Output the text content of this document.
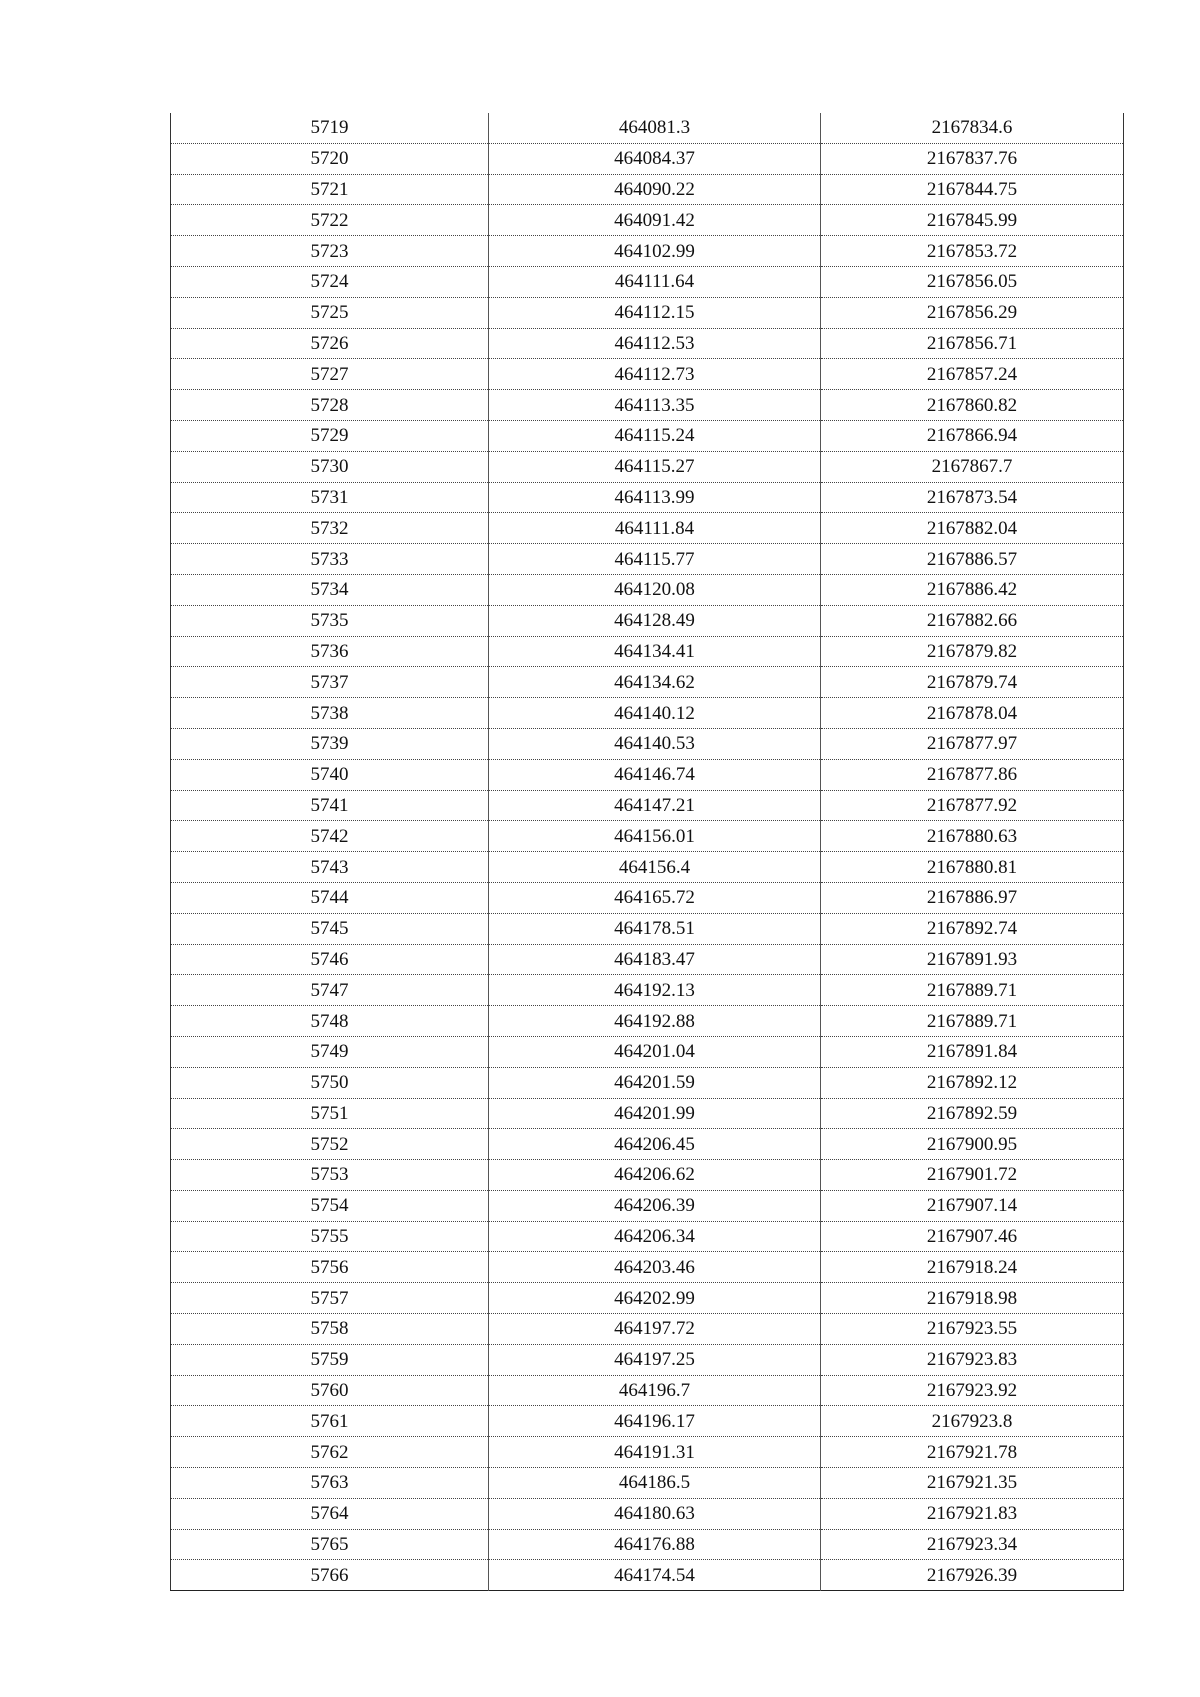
5719	464081.3	2167834.6
5720	464084.37	2167837.76
5721	464090.22	2167844.75
5722	464091.42	2167845.99
5723	464102.99	2167853.72
5724	464111.64	2167856.05
5725	464112.15	2167856.29
5726	464112.53	2167856.71
5727	464112.73	2167857.24
5728	464113.35	2167860.82
5729	464115.24	2167866.94
5730	464115.27	2167867.7
5731	464113.99	2167873.54
5732	464111.84	2167882.04
5733	464115.77	2167886.57
5734	464120.08	2167886.42
5735	464128.49	2167882.66
5736	464134.41	2167879.82
5737	464134.62	2167879.74
5738	464140.12	2167878.04
5739	464140.53	2167877.97
5740	464146.74	2167877.86
5741	464147.21	2167877.92
5742	464156.01	2167880.63
5743	464156.4	2167880.81
5744	464165.72	2167886.97
5745	464178.51	2167892.74
5746	464183.47	2167891.93
5747	464192.13	2167889.71
5748	464192.88	2167889.71
5749	464201.04	2167891.84
5750	464201.59	2167892.12
5751	464201.99	2167892.59
5752	464206.45	2167900.95
5753	464206.62	2167901.72
5754	464206.39	2167907.14
5755	464206.34	2167907.46
5756	464203.46	2167918.24
5757	464202.99	2167918.98
5758	464197.72	2167923.55
5759	464197.25	2167923.83
5760	464196.7	2167923.92
5761	464196.17	2167923.8
5762	464191.31	2167921.78
5763	464186.5	2167921.35
5764	464180.63	2167921.83
5765	464176.88	2167923.34
5766	464174.54	2167926.39
